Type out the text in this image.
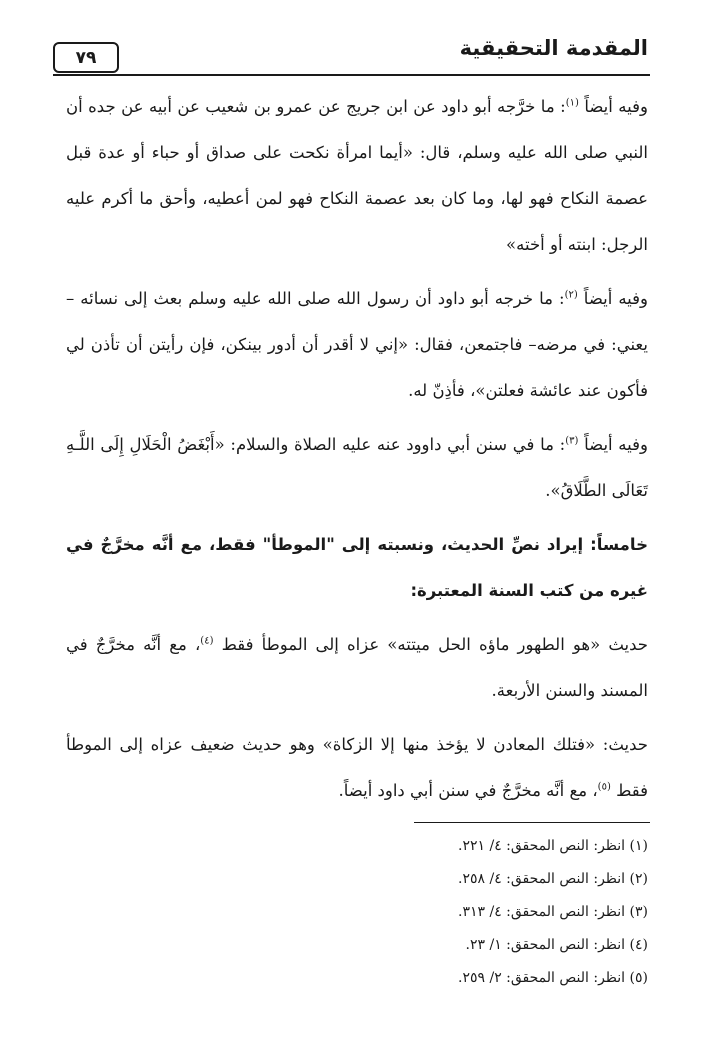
المقدمة التحقيقية
٧٩

وفيه أيضاً $^{(١)}$: ما خرَّجه أبو داود عن ابن جريج عن عمرو بن شعيب عن أبيه عن جده أن النبي صلى الله عليه وسلم، قال: «أيما امرأة نكحت على صداق أو حباء أو عدة قبل عصمة النكاح فهو لها، وما كان بعد عصمة النكاح فهو لمن أعطيه، وأحق ما أكرم عليه الرجل: ابنته أو أخته»

وفيه أيضاً $^{(٢)}$: ما خرجه أبو داود أن رسول الله صلى الله عليه وسلم بعث إلى نسائه – يعني: في مرضه– فاجتمعن، فقال: «إني لا أقدر أن أدور بينكن، فإن رأيتن أن تأذن لي فأكون عند عائشة فعلتن»، فأذِنّ له.

وفيه أيضاً $^{(٣)}$: ما في سنن أبي داوود عنه عليه الصلاة والسلام: «أَبْغَضُ الْحَلَالِ إِلَى اللَّـهِ تَعَالَى الطَّلَاقُ».

خامساً: إيراد نصِّ الحديث، ونسبته إلى "الموطأ" فقط، مع أنَّه مخرَّجٌ في غيره من كتب السنة المعتبرة:

حديث «هو الطهور ماؤه الحل ميتته» عزاه إلى الموطأ فقط $^{(٤)}$، مع أنَّه مخرَّجٌ في المسند والسنن الأربعة.

حديث: «فتلك المعادن لا يؤخذ منها إلا الزكاة» وهو حديث ضعيف عزاه إلى الموطأ فقط $^{(٥)}$، مع أنَّه مخرَّجٌ في سنن أبي داود أيضاً.

(١) انظر: النص المحقق: ٤/ ٢٢١.
(٢) انظر: النص المحقق: ٤/ ٢٥٨.
(٣) انظر: النص المحقق: ٤/ ٣١٣.
(٤) انظر: النص المحقق: ١/ ٢٣.
(٥) انظر: النص المحقق: ٢/ ٢٥٩.
